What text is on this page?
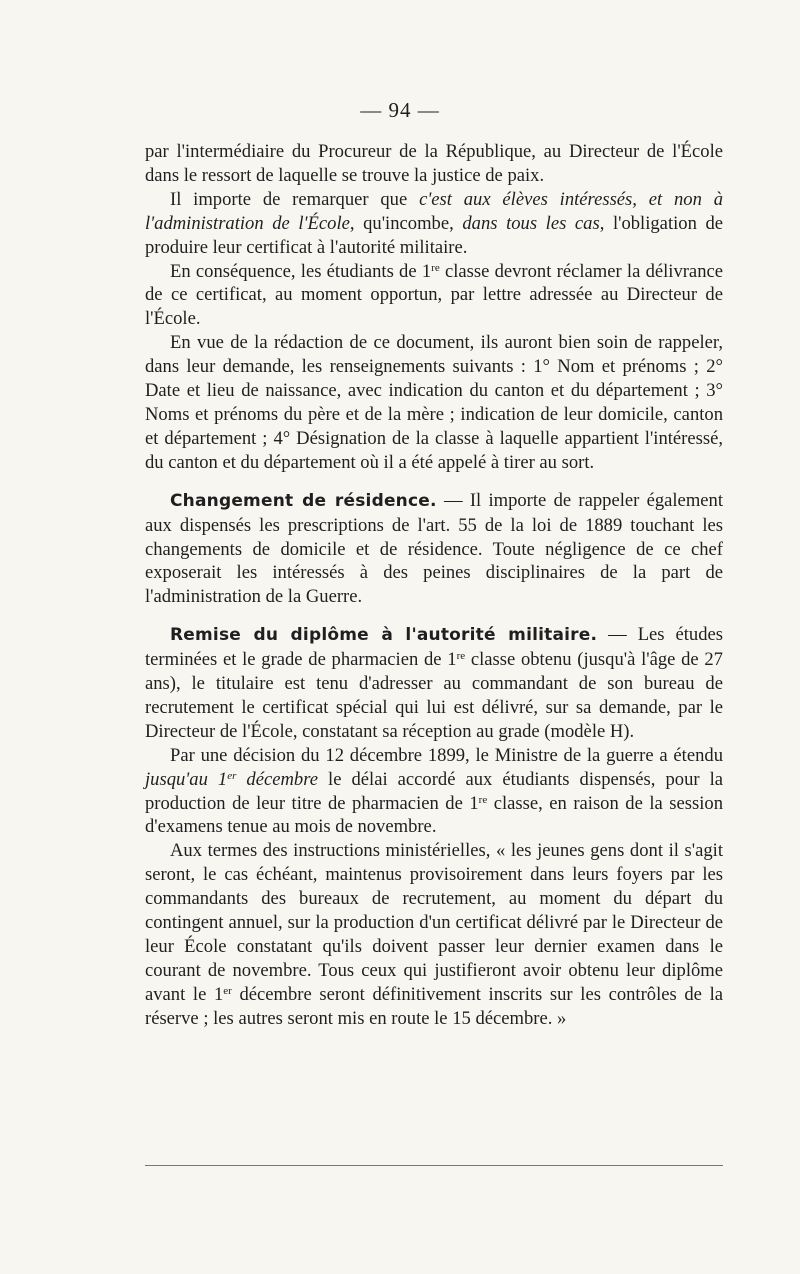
— 94 —

par l'intermédiaire du Procureur de la République, au Directeur de l'École dans le ressort de laquelle se trouve la justice de paix.

Il importe de remarquer que c'est aux élèves intéressés, et non à l'administration de l'École, qu'incombe, dans tous les cas, l'obligation de produire leur certificat à l'autorité militaire.

En conséquence, les étudiants de 1re classe devront réclamer la délivrance de ce certificat, au moment opportun, par lettre adressée au Directeur de l'École.

En vue de la rédaction de ce document, ils auront bien soin de rappeler, dans leur demande, les renseignements suivants : 1° Nom et prénoms ; 2° Date et lieu de naissance, avec indication du canton et du département ; 3° Noms et prénoms du père et de la mère ; indication de leur domicile, canton et département ; 4° Désignation de la classe à laquelle appartient l'intéressé, du canton et du département où il a été appelé à tirer au sort.

Changement de résidence. — Il importe de rappeler également aux dispensés les prescriptions de l'art. 55 de la loi de 1889 touchant les changements de domicile et de résidence. Toute négligence de ce chef exposerait les intéressés à des peines disciplinaires de la part de l'administration de la Guerre.

Remise du diplôme à l'autorité militaire. — Les études terminées et le grade de pharmacien de 1re classe obtenu (jusqu'à l'âge de 27 ans), le titulaire est tenu d'adresser au commandant de son bureau de recrutement le certificat spécial qui lui est délivré, sur sa demande, par le Directeur de l'École, constatant sa réception au grade (modèle H).

Par une décision du 12 décembre 1899, le Ministre de la guerre a étendu jusqu'au 1er décembre le délai accordé aux étudiants dispensés, pour la production de leur titre de pharmacien de 1re classe, en raison de la session d'examens tenue au mois de novembre.

Aux termes des instructions ministérielles, « les jeunes gens dont il s'agit seront, le cas échéant, maintenus provisoirement dans leurs foyers par les commandants des bureaux de recrutement, au moment du départ du contingent annuel, sur la production d'un certificat délivré par le Directeur de leur École constatant qu'ils doivent passer leur dernier examen dans le courant de novembre. Tous ceux qui justifieront avoir obtenu leur diplôme avant le 1er décembre seront définitivement inscrits sur les contrôles de la réserve ; les autres seront mis en route le 15 décembre. »
